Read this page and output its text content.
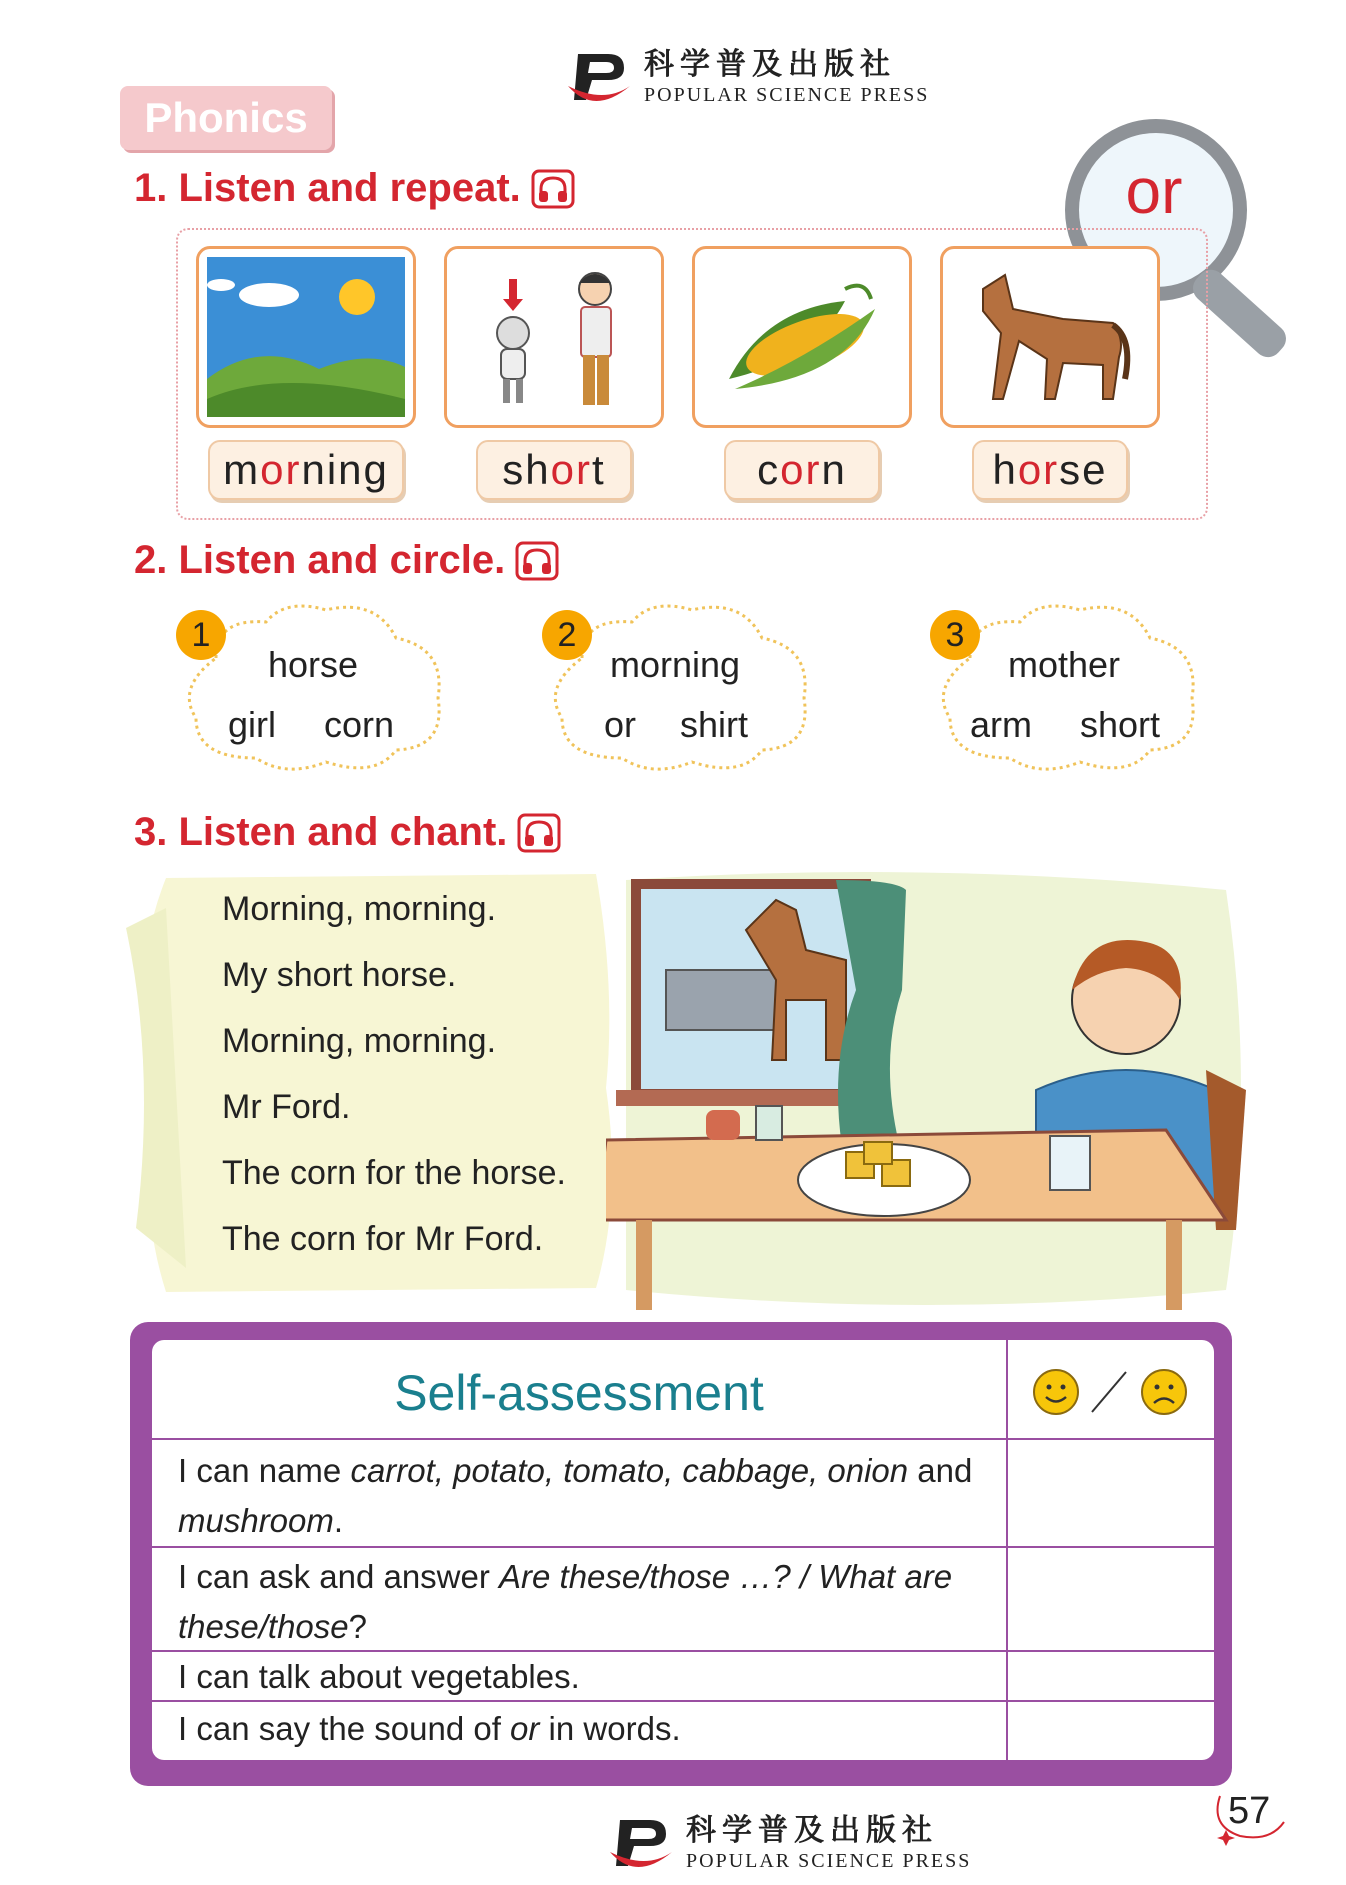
科学普及出版社
POPULAR SCIENCE PRESS
Phonics
or
1. Listen and repeat.
morning	short	corn	horse
2. Listen and circle.
1
horse
girl corn
2
morning
or shirt
3
mother
arm short
3. Listen and chant.
Morning, morning.
My short horse.
Morning, morning.
Mr Ford.
The corn for the horse.
The corn for Mr Ford.
Self-assessment
I can name carrot, potato, tomato, cabbage, onion and mushroom.
I can ask and answer Are these/those …? / What are these/those?
I can talk about vegetables.
I can say the sound of or in words.
57
科学普及出版社
POPULAR SCIENCE PRESS
